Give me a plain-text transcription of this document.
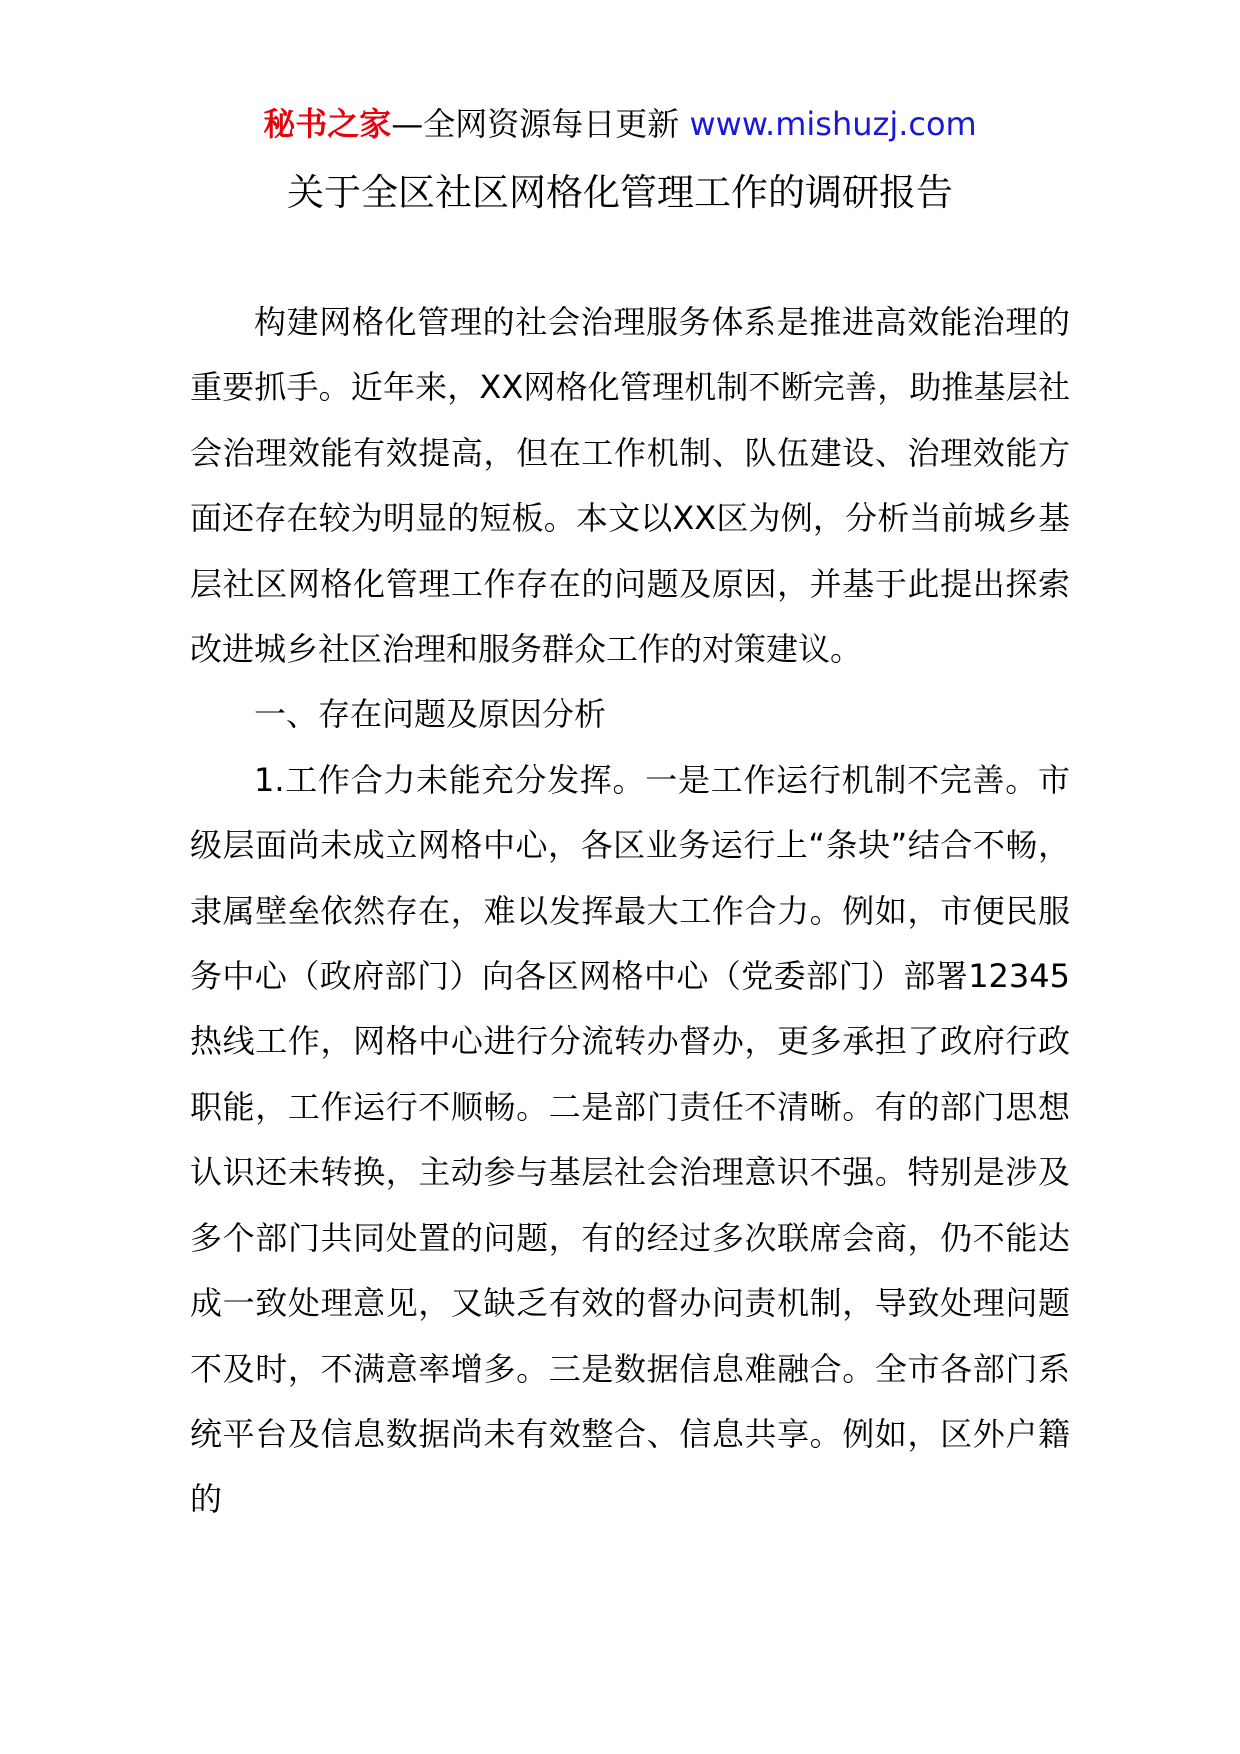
秘书之家—全网资源每日更新 www.mishuzj.com
关于全区社区网格化管理工作的调研报告

构建网格化管理的社会治理服务体系是推进高效能治理的重要抓手。近年来，XX网格化管理机制不断完善，助推基层社会治理效能有效提高，但在工作机制、队伍建设、治理效能方面还存在较为明显的短板。本文以XX区为例，分析当前城乡基层社区网格化管理工作存在的问题及原因，并基于此提出探索改进城乡社区治理和服务群众工作的对策建议。

一、存在问题及原因分析

1.工作合力未能充分发挥。一是工作运行机制不完善。市级层面尚未成立网格中心，各区业务运行上“条块”结合不畅，隶属壁垒依然存在，难以发挥最大工作合力。例如，市便民服务中心（政府部门）向各区网格中心（党委部门）部署12345热线工作，网格中心进行分流转办督办，更多承担了政府行政职能，工作运行不顺畅。二是部门责任不清晰。有的部门思想认识还未转换，主动参与基层社会治理意识不强。特别是涉及多个部门共同处置的问题，有的经过多次联席会商，仍不能达成一致处理意见，又缺乏有效的督办问责机制，导致处理问题不及时，不满意率增多。三是数据信息难融合。全市各部门系统平台及信息数据尚未有效整合、信息共享。例如，区外户籍的
